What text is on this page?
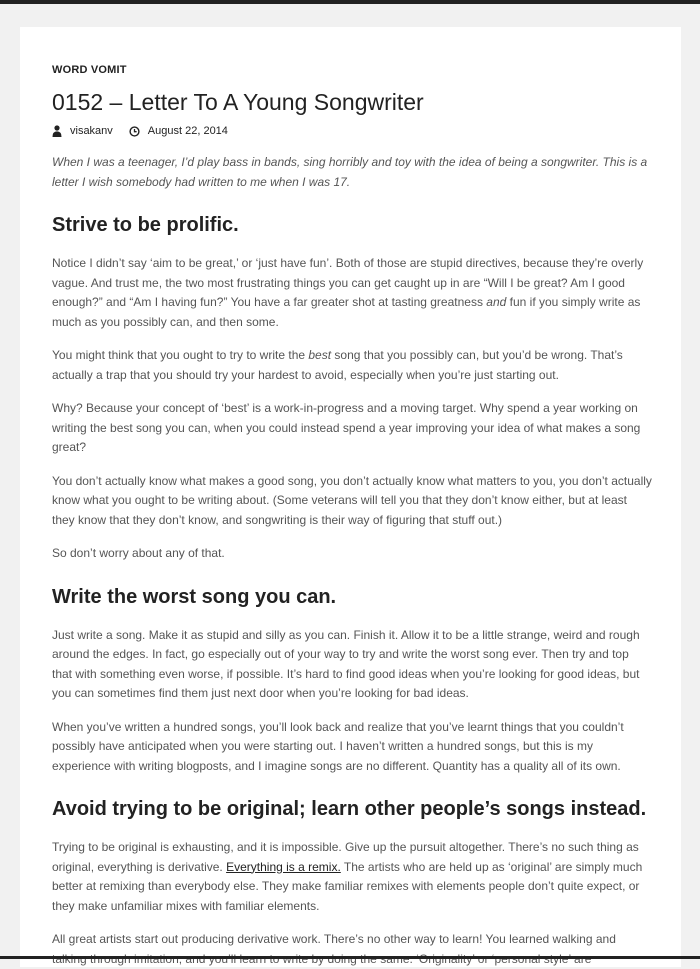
WORD VOMIT
0152 – Letter To A Young Songwriter
visakanv	August 22, 2014

When I was a teenager, I’d play bass in bands, sing horribly and toy with the idea of being a songwriter. This is a letter I wish somebody had written to me when I was 17.

Strive to be prolific.

Notice I didn’t say ‘aim to be great,’ or ‘just have fun’. Both of those are stupid directives, because they’re overly vague. And trust me, the two most frustrating things you can get caught up in are “Will I be great? Am I good enough?” and “Am I having fun?” You have a far greater shot at tasting greatness and fun if you simply write as much as you possibly can, and then some.

You might think that you ought to try to write the best song that you possibly can, but you’d be wrong. That’s actually a trap that you should try your hardest to avoid, especially when you’re just starting out.

Why? Because your concept of ‘best’ is a work-in-progress and a moving target. Why spend a year working on writing the best song you can, when you could instead spend a year improving your idea of what makes a song great?

You don’t actually know what makes a good song, you don’t actually know what matters to you, you don’t actually know what you ought to be writing about. (Some veterans will tell you that they don’t know either, but at least they know that they don’t know, and songwriting is their way of figuring that stuff out.)

So don’t worry about any of that.

Write the worst song you can.

Just write a song. Make it as stupid and silly as you can. Finish it. Allow it to be a little strange, weird and rough around the edges. In fact, go especially out of your way to try and write the worst song ever. Then try and top that with something even worse, if possible. It’s hard to find good ideas when you’re looking for good ideas, but you can sometimes find them just next door when you’re looking for bad ideas.

When you’ve written a hundred songs, you’ll look back and realize that you’ve learnt things that you couldn’t possibly have anticipated when you were starting out. I haven’t written a hundred songs, but this is my experience with writing blogposts, and I imagine songs are no different. Quantity has a quality all of its own.

Avoid trying to be original; learn other people’s songs instead.

Trying to be original is exhausting, and it is impossible. Give up the pursuit altogether. There’s no such thing as original, everything is derivative. Everything is a remix. The artists who are held up as ‘original’ are simply much better at remixing than everybody else. They make familiar remixes with elements people don’t quite expect, or they make unfamiliar mixes with familiar elements.

All great artists start out producing derivative work. There’s no other way to learn! You learned walking and
